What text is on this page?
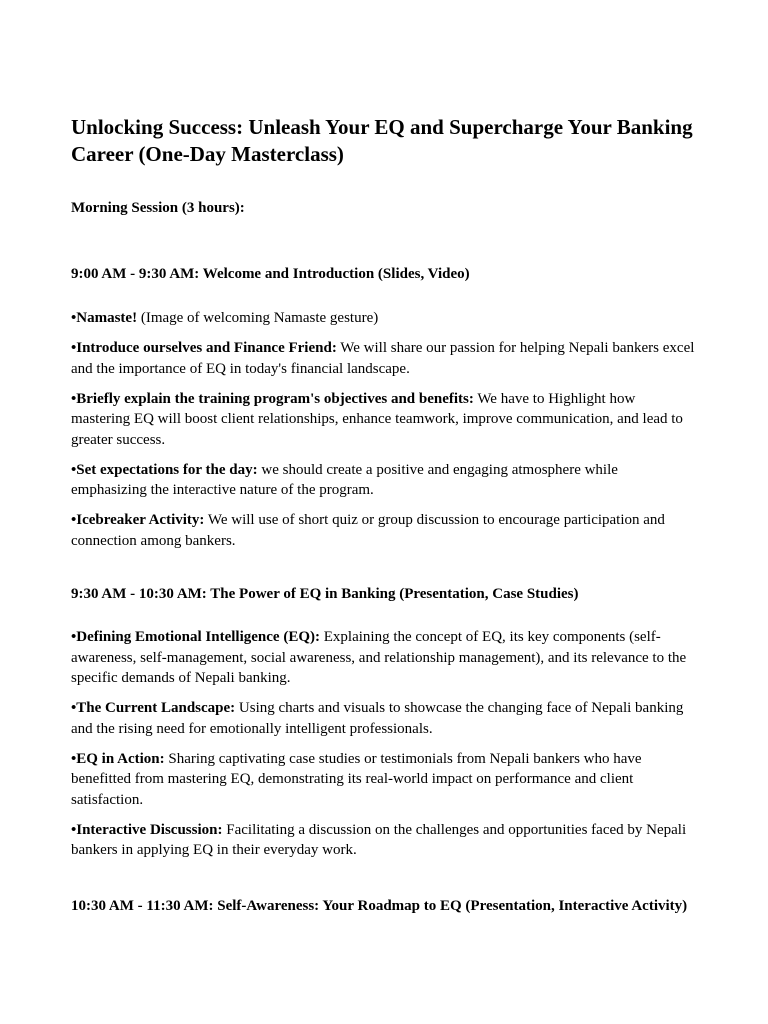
Unlocking Success: Unleash Your EQ and Supercharge Your Banking Career (One-Day Masterclass)

Morning Session (3 hours):

9:00 AM - 9:30 AM: Welcome and Introduction (Slides, Video)

•Namaste! (Image of welcoming Namaste gesture)
•Introduce ourselves and Finance Friend: We will share our passion for helping Nepali bankers excel and the importance of EQ in today's financial landscape.
•Briefly explain the training program's objectives and benefits: We have to Highlight how mastering EQ will boost client relationships, enhance teamwork, improve communication, and lead to greater success.
•Set expectations for the day: we should create a positive and engaging atmosphere while emphasizing the interactive nature of the program.
•Icebreaker Activity: We will use of short quiz or group discussion to encourage participation and connection among bankers.

9:30 AM - 10:30 AM: The Power of EQ in Banking (Presentation, Case Studies)

•Defining Emotional Intelligence (EQ): Explaining the concept of EQ, its key components (self-awareness, self-management, social awareness, and relationship management), and its relevance to the specific demands of Nepali banking.
•The Current Landscape: Using charts and visuals to showcase the changing face of Nepali banking and the rising need for emotionally intelligent professionals.
•EQ in Action: Sharing captivating case studies or testimonials from Nepali bankers who have benefitted from mastering EQ, demonstrating its real-world impact on performance and client satisfaction.
•Interactive Discussion: Facilitating a discussion on the challenges and opportunities faced by Nepali bankers in applying EQ in their everyday work.

10:30 AM - 11:30 AM: Self-Awareness: Your Roadmap to EQ (Presentation, Interactive Activity)
